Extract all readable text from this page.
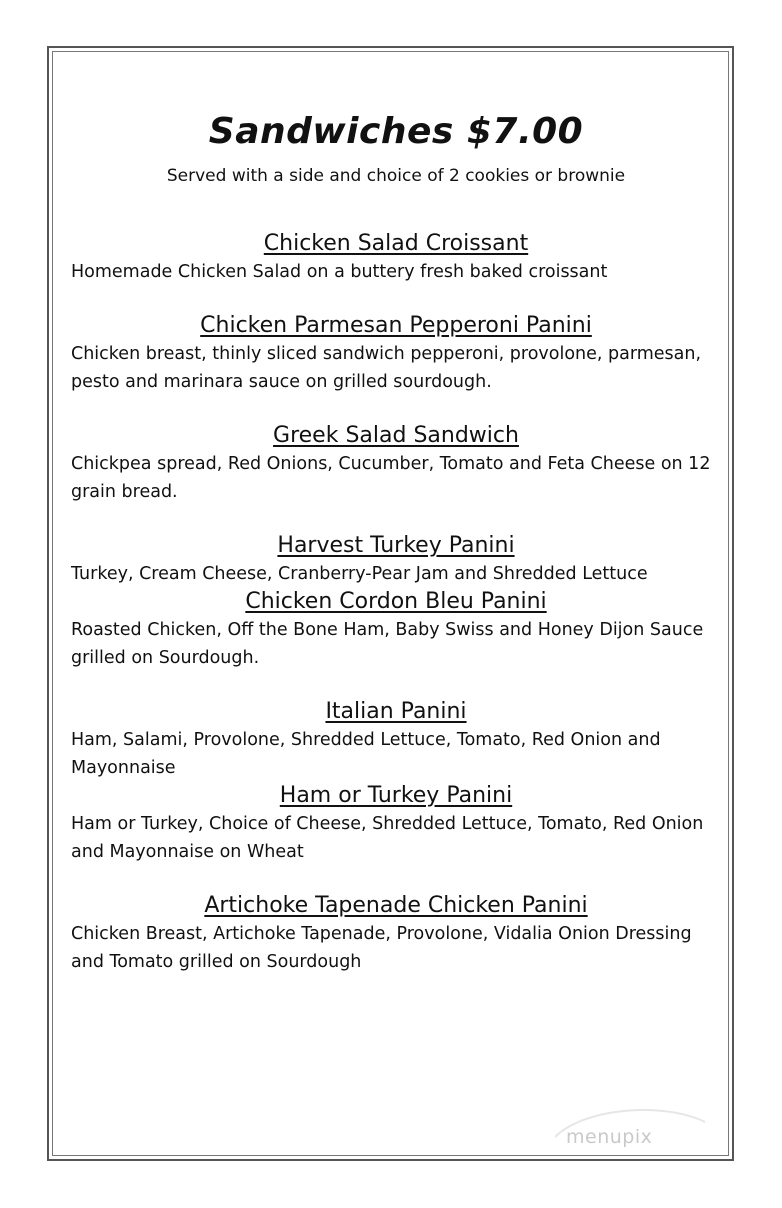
Sandwiches $7.00

Served with a side and choice of 2 cookies or brownie

Chicken Salad Croissant

Homemade Chicken Salad on a buttery fresh baked croissant

Chicken Parmesan Pepperoni Panini

Chicken breast, thinly sliced sandwich pepperoni, provolone, parmesan, pesto and marinara sauce on grilled sourdough.

Greek Salad Sandwich

Chickpea spread, Red Onions, Cucumber, Tomato and Feta Cheese on 12 grain bread.

Harvest Turkey Panini

Turkey, Cream Cheese, Cranberry-Pear Jam and Shredded Lettuce

Chicken Cordon Bleu Panini

Roasted Chicken, Off the Bone Ham, Baby Swiss and Honey Dijon Sauce grilled on Sourdough.

Italian Panini

Ham, Salami, Provolone, Shredded Lettuce, Tomato, Red Onion and Mayonnaise

Ham or Turkey Panini

Ham or Turkey, Choice of Cheese, Shredded Lettuce, Tomato, Red Onion and Mayonnaise on Wheat

Artichoke Tapenade Chicken Panini

Chicken Breast, Artichoke Tapenade, Provolone, Vidalia Onion Dressing and Tomato grilled on Sourdough

menupix
